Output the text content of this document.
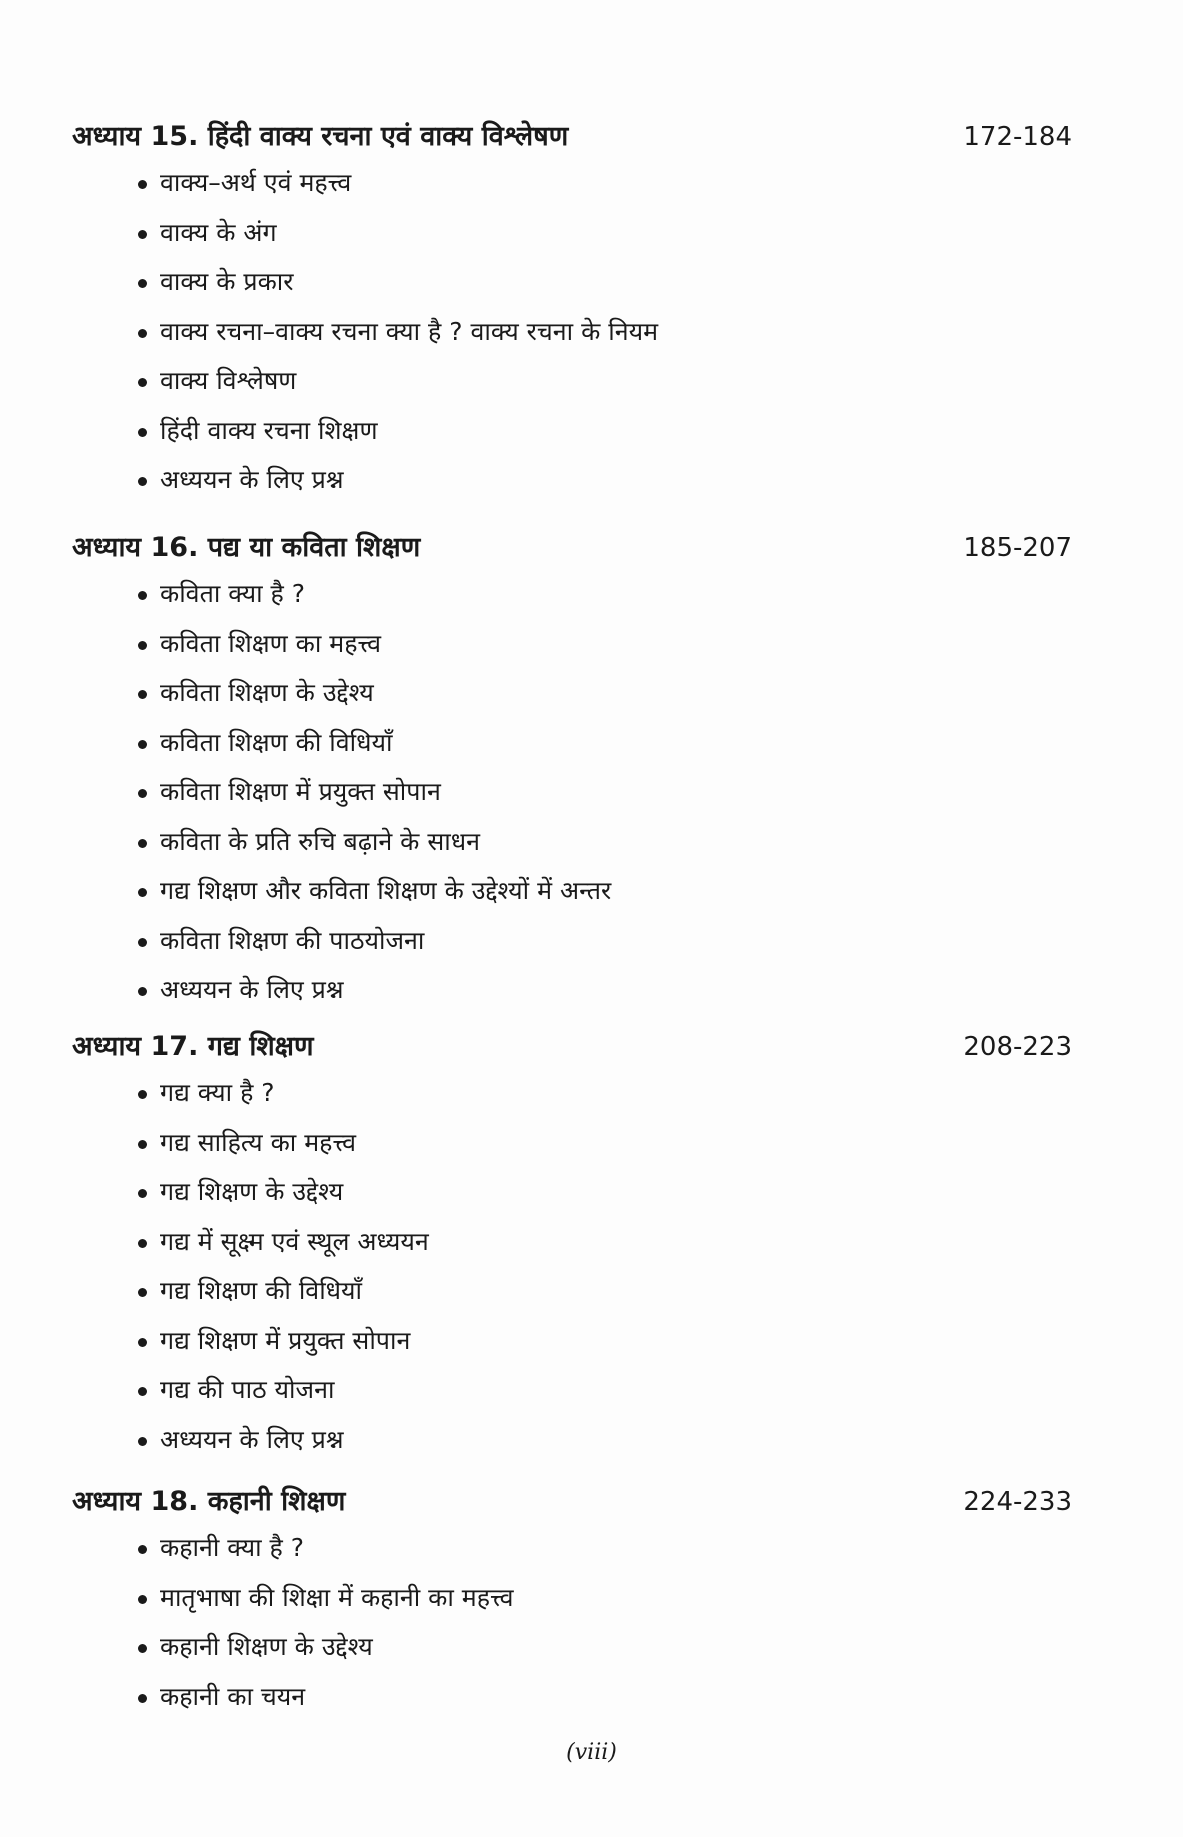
अध्याय 15. हिंदी वाक्य रचना एवं वाक्य विश्लेषण	172-184
वाक्य–अर्थ एवं महत्त्व
वाक्य के अंग
वाक्य के प्रकार
वाक्य रचना–वाक्य रचना क्या है ? वाक्य रचना के नियम
वाक्य विश्लेषण
हिंदी वाक्य रचना शिक्षण
अध्ययन के लिए प्रश्न
अध्याय 16. पद्य या कविता शिक्षण	185-207
कविता क्या है ?
कविता शिक्षण का महत्त्व
कविता शिक्षण के उद्देश्य
कविता शिक्षण की विधियाँ
कविता शिक्षण में प्रयुक्त सोपान
कविता के प्रति रुचि बढ़ाने के साधन
गद्य शिक्षण और कविता शिक्षण के उद्देश्यों में अन्तर
कविता शिक्षण की पाठयोजना
अध्ययन के लिए प्रश्न
अध्याय 17. गद्य शिक्षण	208-223
गद्य क्या है ?
गद्य साहित्य का महत्त्व
गद्य शिक्षण के उद्देश्य
गद्य में सूक्ष्म एवं स्थूल अध्ययन
गद्य शिक्षण की विधियाँ
गद्य शिक्षण में प्रयुक्त सोपान
गद्य की पाठ योजना
अध्ययन के लिए प्रश्न
अध्याय 18. कहानी शिक्षण	224-233
कहानी क्या है ?
मातृभाषा की शिक्षा में कहानी का महत्त्व
कहानी शिक्षण के उद्देश्य
कहानी का चयन
(viii)
